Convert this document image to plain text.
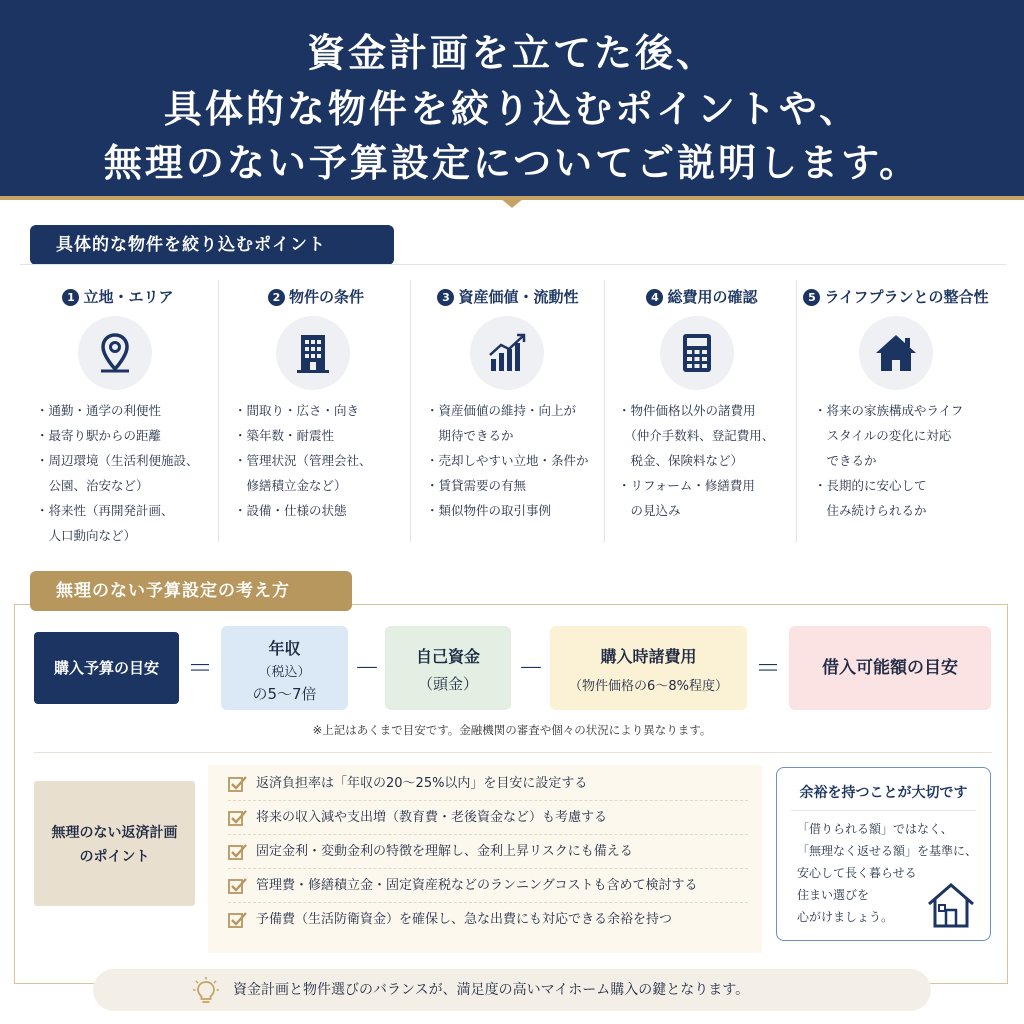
資金計画を立てた後、
具体的な物件を絞り込むポイントや、
無理のない予算設定についてご説明します。
具体的な物件を絞り込むポイント
1 立地・エリア
・通勤・通学の利便性
・最寄り駅からの距離
・周辺環境（生活利便施設、
　公園、治安など）
・将来性（再開発計画、
　人口動向など）
2 物件の条件
・間取り・広さ・向き
・築年数・耐震性
・管理状況（管理会社、
　修繕積立金など）
・設備・仕様の状態
3 資産価値・流動性
・資産価値の維持・向上が
　期待できるか
・売却しやすい立地・条件か
・賃貸需要の有無
・類似物件の取引事例
4 総費用の確認
・物件価格以外の諸費用
　（仲介手数料、登記費用、
　税金、保険料など）
・リフォーム・修繕費用
　の見込み
5 ライフプランとの整合性
・将来の家族構成やライフ
　スタイルの変化に対応
　できるか
・長期的に安心して
　住み続けられるか
無理のない予算設定の考え方
購入予算の目安	＝
年収
（税込）
の5〜7倍
－	自己資金
（頭金）	－	購入時諸費用
（物件価格の6〜8%程度）
＝	借入可能額の目安
※上記はあくまで目安です。金融機関の審査や個々の状況により異なります。
無理のない返済計画
のポイント
返済負担率は「年収の20〜25%以内」を目安に設定する
将来の収入減や支出増（教育費・老後資金など）も考慮する
固定金利・変動金利の特徴を理解し、金利上昇リスクにも備える
管理費・修繕積立金・固定資産税などのランニングコストも含めて検討する
予備費（生活防衛資金）を確保し、急な出費にも対応できる余裕を持つ
余裕を持つことが大切です
「借りられる額」ではなく、
「無理なく返せる額」を基準に、
安心して長く暮らせる
住まい選びを
心がけましょう。
資金計画と物件選びのバランスが、満足度の高いマイホーム購入の鍵となります。
